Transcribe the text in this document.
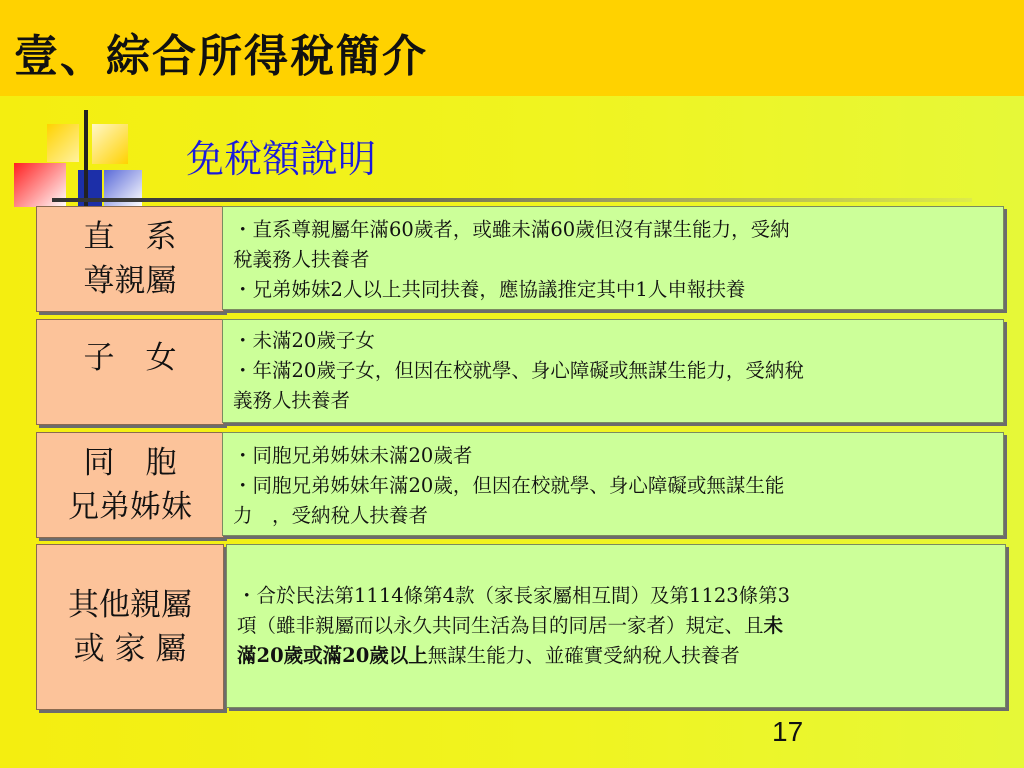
壹、綜合所得稅簡介
免稅額說明
直　系
尊親屬

・直系尊親屬年滿60歲者，或雖未滿60歲但沒有謀生能力，受納

稅義務人扶養者

・兄弟姊妹2人以上共同扶養，應協議推定其中1人申報扶養

子　女	・未滿20歲子女

・年滿20歲子女，但因在校就學、身心障礙或無謀生能力，受納稅

義務人扶養者

同　胞
兄弟姊妹

・同胞兄弟姊妹未滿20歲者

・同胞兄弟姊妹年滿20歲，但因在校就學、身心障礙或無謀生能

力　，受納稅人扶養者

其他親屬
或 家 屬

・合於民法第1114條第4款（家長家屬相互間）及第1123條第3

項（雖非親屬而以永久共同生活為目的同居一家者）規定、且未

滿20歲或滿20歲以上無謀生能力、並確實受納稅人扶養者

17
